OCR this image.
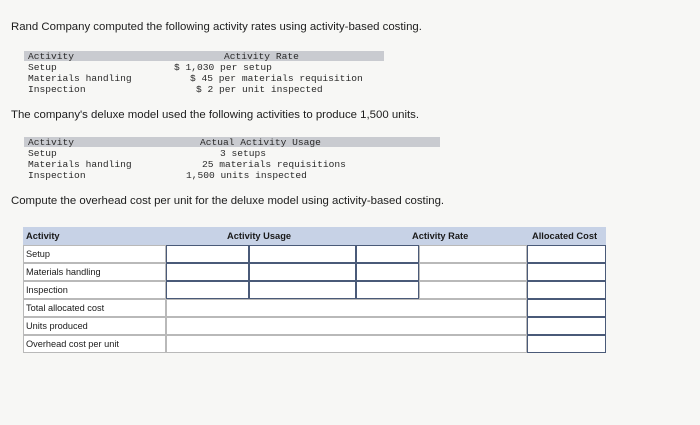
Rand Company computed the following activity rates using activity-based costing.
Activity	Activity Rate
Setup	$ 1,030 per setup
Materials handling	$ 45 per materials requisition
Inspection	$ 2 per unit inspected
The company's deluxe model used the following activities to produce 1,500 units.
Activity	Actual Activity Usage
Setup	3 setups
Materials handling	25 materials requisitions
Inspection	1,500 units inspected
Compute the overhead cost per unit for the deluxe model using activity-based costing.
Activity	Activity Usage	Activity Rate	Allocated Cost
Setup
Materials handling
Inspection
Total allocated cost
Units produced
Overhead cost per unit
